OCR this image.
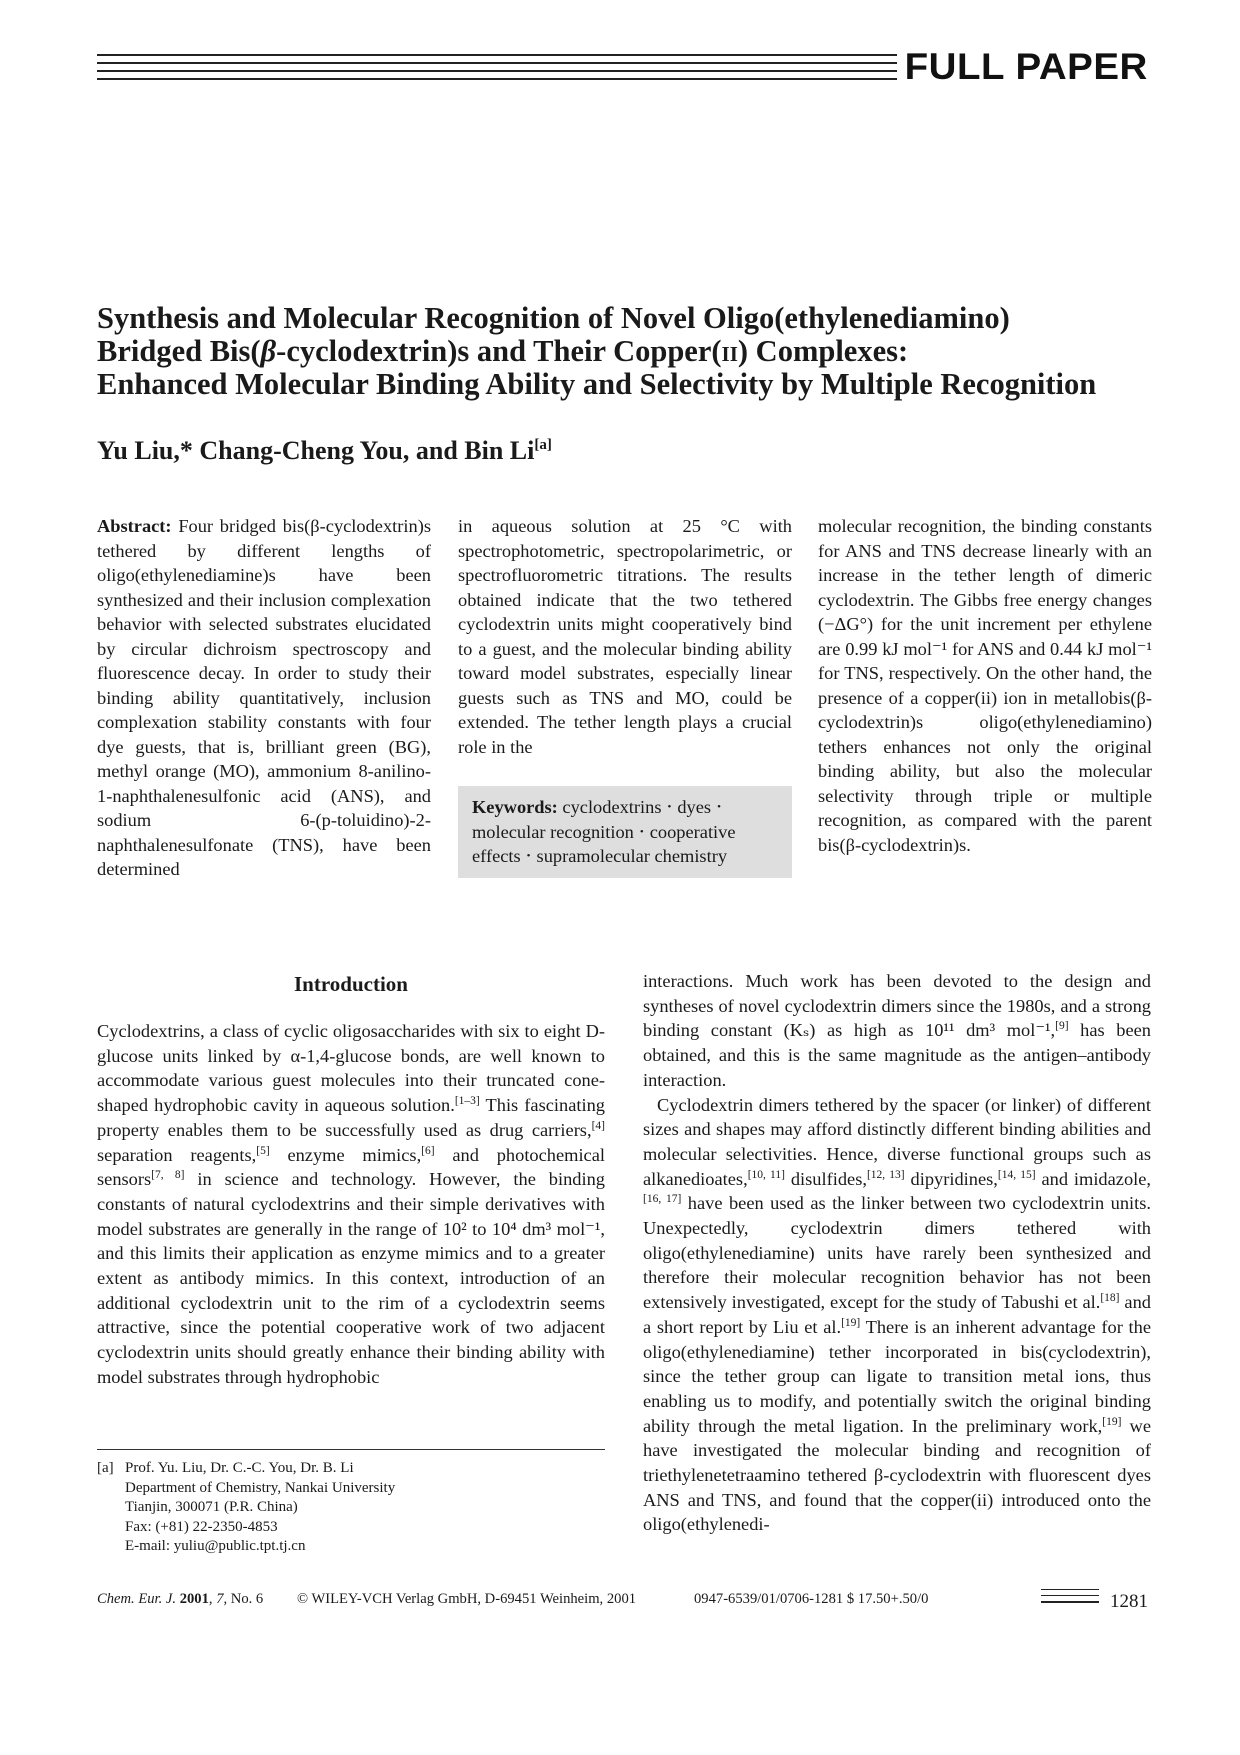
FULL PAPER
Synthesis and Molecular Recognition of Novel Oligo(ethylenediamino)
Bridged Bis(β-cyclodextrin)s and Their Copper(ii) Complexes:
Enhanced Molecular Binding Ability and Selectivity by Multiple Recognition
Yu Liu,* Chang-Cheng You, and Bin Li[a]

Abstract: Four bridged bis(β-cyclodextrin)s tethered by different lengths of oligo(ethylenediamine)s have been synthesized and their inclusion complexation behavior with selected substrates elucidated by circular dichroism spectroscopy and fluorescence decay. In order to study their binding ability quantitatively, inclusion complexation stability constants with four dye guests, that is, brilliant green (BG), methyl orange (MO), ammonium 8-anilino-1-naphthalenesulfonic acid (ANS), and sodium 6-(p-toluidino)-2-naphthalenesulfonate (TNS), have been determined

in aqueous solution at 25 °C with spectrophotometric, spectropolarimetric, or spectrofluorometric titrations. The results obtained indicate that the two tethered cyclodextrin units might cooperatively bind to a guest, and the molecular binding ability toward model substrates, especially linear guests such as TNS and MO, could be extended. The tether length plays a crucial role in the

molecular recognition, the binding constants for ANS and TNS decrease linearly with an increase in the tether length of dimeric cyclodextrin. The Gibbs free energy changes (−ΔG°) for the unit increment per ethylene are 0.99 kJ mol⁻¹ for ANS and 0.44 kJ mol⁻¹ for TNS, respectively. On the other hand, the presence of a copper(ii) ion in metallobis(β-cyclodextrin)s oligo(ethylenediamino) tethers enhances not only the original binding ability, but also the molecular selectivity through triple or multiple recognition, as compared with the parent bis(β-cyclodextrin)s.

Keywords: cyclodextrins • dyes • molecular recognition • cooperative effects • supramolecular chemistry
Introduction

Cyclodextrins, a class of cyclic oligosaccharides with six to eight D-glucose units linked by α-1,4-glucose bonds, are well known to accommodate various guest molecules into their truncated cone-shaped hydrophobic cavity in aqueous solution.[1–3] This fascinating property enables them to be successfully used as drug carriers,[4] separation reagents,[5] enzyme mimics,[6] and photochemical sensors[7, 8] in science and technology. However, the binding constants of natural cyclodextrins and their simple derivatives with model substrates are generally in the range of 10² to 10⁴ dm³ mol⁻¹, and this limits their application as enzyme mimics and to a greater extent as antibody mimics. In this context, introduction of an additional cyclodextrin unit to the rim of a cyclodextrin seems attractive, since the potential cooperative work of two adjacent cyclodextrin units should greatly enhance their binding ability with model substrates through hydrophobic

interactions. Much work has been devoted to the design and syntheses of novel cyclodextrin dimers since the 1980s, and a strong binding constant (Kₛ) as high as 10¹¹ dm³ mol⁻¹,[9] has been obtained, and this is the same magnitude as the antigen–antibody interaction.

Cyclodextrin dimers tethered by the spacer (or linker) of different sizes and shapes may afford distinctly different binding abilities and molecular selectivities. Hence, diverse functional groups such as alkanedioates,[10, 11] disulfides,[12, 13] dipyridines,[14, 15] and imidazole,[16, 17] have been used as the linker between two cyclodextrin units. Unexpectedly, cyclodextrin dimers tethered with oligo(ethylenediamine) units have rarely been synthesized and therefore their molecular recognition behavior has not been extensively investigated, except for the study of Tabushi et al.[18] and a short report by Liu et al.[19] There is an inherent advantage for the oligo(ethylenediamine) tether incorporated in bis(cyclodextrin), since the tether group can ligate to transition metal ions, thus enabling us to modify, and potentially switch the original binding ability through the metal ligation. In the preliminary work,[19] we have investigated the molecular binding and recognition of triethylenetetraamino tethered β-cyclodextrin with fluorescent dyes ANS and TNS, and found that the copper(ii) introduced onto the oligo(ethylenedi-

[a] Prof. Yu. Liu, Dr. C.-C. You, Dr. B. Li
Department of Chemistry, Nankai University
Tianjin, 300071 (P.R. China)
Fax: (+81) 22-2350-4853
E-mail: yuliu@public.tpt.tj.cn
Chem. Eur. J. 2001, 7, No. 6 © WILEY-VCH Verlag GmbH, D-69451 Weinheim, 2001	0947-6539/01/0706-1281 $ 17.50+.50/0	1281
